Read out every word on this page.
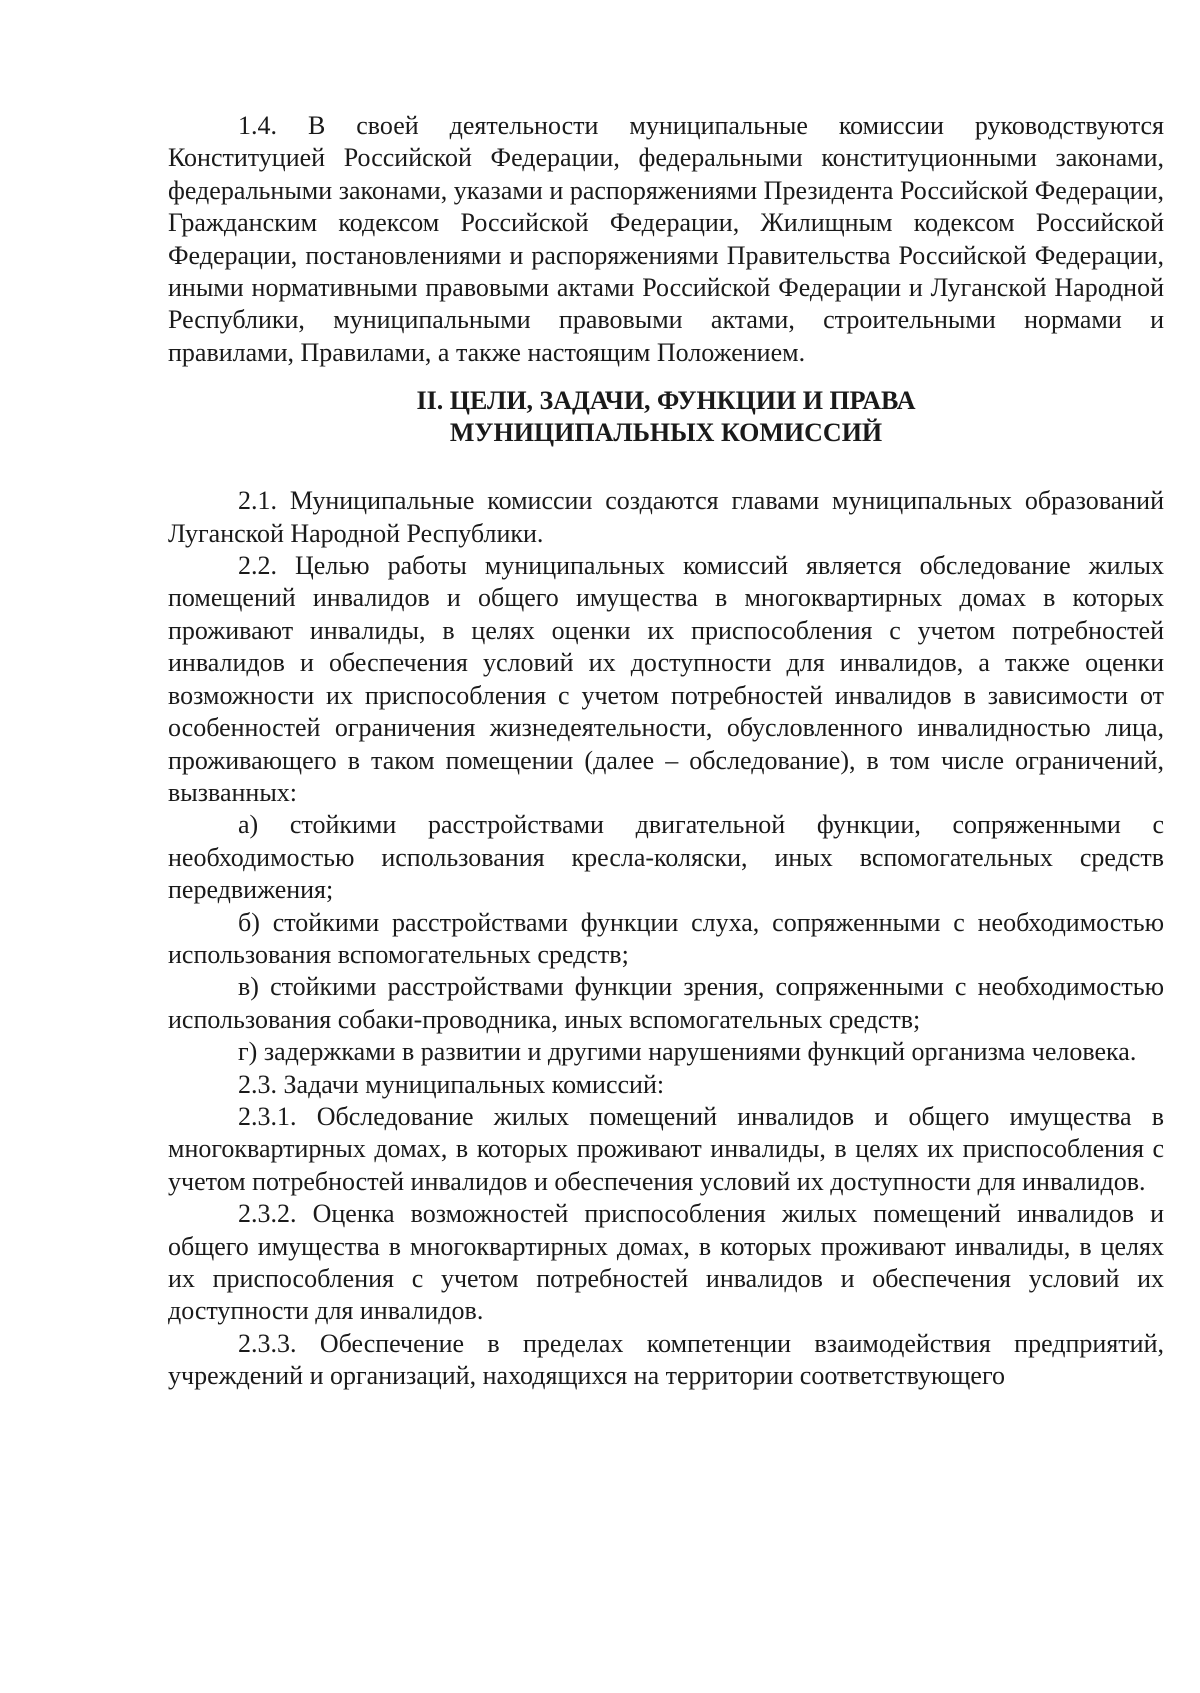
1.4. В своей деятельности муниципальные комиссии руководствуются Конституцией Российской Федерации, федеральными конституционными законами, федеральными законами, указами и распоряжениями Президента Российской Федерации, Гражданским кодексом Российской Федерации, Жилищным кодексом Российской Федерации, постановлениями и распоряжениями Правительства Российской Федерации, иными нормативными правовыми актами Российской Федерации и Луганской Народной Республики, муниципальными правовыми актами, строительными нормами и правилами, Правилами, а также настоящим Положением.

II. ЦЕЛИ, ЗАДАЧИ, ФУНКЦИИ И ПРАВА

МУНИЦИПАЛЬНЫХ КОМИССИЙ

2.1. Муниципальные комиссии создаются главами муниципальных образований Луганской Народной Республики.

2.2. Целью работы муниципальных комиссий является обследование жилых помещений инвалидов и общего имущества в многоквартирных домах в которых проживают инвалиды, в целях оценки их приспособления с учетом потребностей инвалидов и обеспечения условий их доступности для инвалидов, а также оценки возможности их приспособления с учетом потребностей инвалидов в зависимости от особенностей ограничения жизнедеятельности, обусловленного инвалидностью лица, проживающего в таком помещении (далее – обследование), в том числе ограничений, вызванных:

а) стойкими расстройствами двигательной функции, сопряженными с необходимостью использования кресла-коляски, иных вспомогательных средств передвижения;

б) стойкими расстройствами функции слуха, сопряженными с необходимостью использования вспомогательных средств;

в) стойкими расстройствами функции зрения, сопряженными с необходимостью использования собаки-проводника, иных вспомогательных средств;

г) задержками в развитии и другими нарушениями функций организма человека.

2.3. Задачи муниципальных комиссий:

2.3.1. Обследование жилых помещений инвалидов и общего имущества в многоквартирных домах, в которых проживают инвалиды, в целях их приспособления с учетом потребностей инвалидов и обеспечения условий их доступности для инвалидов.

2.3.2. Оценка возможностей приспособления жилых помещений инвалидов и общего имущества в многоквартирных домах, в которых проживают инвалиды, в целях их приспособления с учетом потребностей инвалидов и обеспечения условий их доступности для инвалидов.

2.3.3. Обеспечение в пределах компетенции взаимодействия предприятий, учреждений и организаций, находящихся на территории соответствующего
